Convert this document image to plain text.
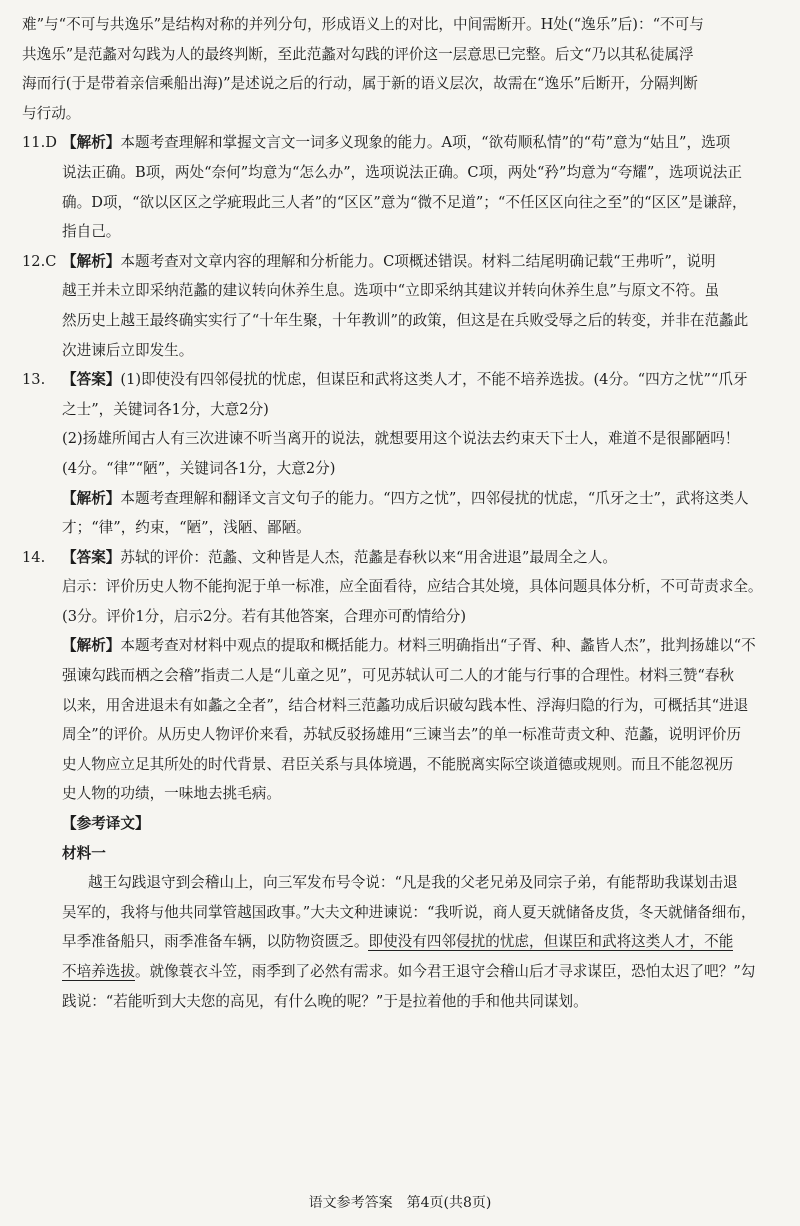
难”与“不可与共逸乐”是结构对称的并列分句，形成语义上的对比，中间需断开。H处(“逸乐”后)：“不可与
共逸乐”是范蠡对勾践为人的最终判断，至此范蠡对勾践的评价这一层意思已完整。后文“乃以其私徒属浮
海而行(于是带着亲信乘船出海)”是述说之后的行动，属于新的语义层次，故需在“逸乐”后断开，分隔判断
与行动。
11.D 【解析】本题考查理解和掌握文言文一词多义现象的能力。A项，“欲苟顺私情”的“苟”意为“姑且”，选项
说法正确。B项，两处“奈何”均意为“怎么办”，选项说法正确。C项，两处“矜”均意为“夸耀”，选项说法正
确。D项，“欲以区区之学疵瑕此三人者”的“区区”意为“微不足道”；“不任区区向往之至”的“区区”是谦辞，
指自己。
12.C 【解析】本题考查对文章内容的理解和分析能力。C项概述错误。材料二结尾明确记载“王弗听”，说明
越王并未立即采纳范蠡的建议转向休养生息。选项中“立即采纳其建议并转向休养生息”与原文不符。虽
然历史上越王最终确实实行了“十年生聚，十年教训”的政策，但这是在兵败受辱之后的转变，并非在范蠡此
次进谏后立即发生。
13. 【答案】(1)即使没有四邻侵扰的忧虑，但谋臣和武将这类人才，不能不培养选拔。(4分。“四方之忧”“爪牙
之士”，关键词各1分，大意2分)
(2)扬雄所闻古人有三次进谏不听当离开的说法，就想要用这个说法去约束天下士人，难道不是很鄙陋吗！
(4分。“律”“陋”，关键词各1分，大意2分)
【解析】本题考查理解和翻译文言文句子的能力。“四方之忧”，四邻侵扰的忧虑，“爪牙之士”，武将这类人
才；“律”，约束，“陋”，浅陋、鄙陋。
14. 【答案】苏轼的评价：范蠡、文种皆是人杰，范蠡是春秋以来“用舍进退”最周全之人。
启示：评价历史人物不能拘泥于单一标准，应全面看待，应结合其处境，具体问题具体分析，不可苛责求全。
(3分。评价1分，启示2分。若有其他答案，合理亦可酌情给分)
【解析】本题考查对材料中观点的提取和概括能力。材料三明确指出“子胥、种、蠡皆人杰”，批判扬雄以“不
强谏勾践而栖之会稽”指责二人是“儿童之见”，可见苏轼认可二人的才能与行事的合理性。材料三赞“春秋
以来，用舍进退未有如蠡之全者”，结合材料三范蠡功成后识破勾践本性、浮海归隐的行为，可概括其“进退
周全”的评价。从历史人物评价来看，苏轼反驳扬雄用“三谏当去”的单一标准苛责文种、范蠡，说明评价历
史人物应立足其所处的时代背景、君臣关系与具体境遇，不能脱离实际空谈道德或规则。而且不能忽视历
史人物的功绩，一味地去挑毛病。
【参考译文】
材料一
越王勾践退守到会稽山上，向三军发布号令说：“凡是我的父老兄弟及同宗子弟，有能帮助我谋划击退
吴军的，我将与他共同掌管越国政事。”大夫文种进谏说：“我听说，商人夏天就储备皮货，冬天就储备细布，
早季准备船只，雨季准备车辆，以防物资匮乏。即使没有四邻侵扰的忧虑，但谋臣和武将这类人才，不能
不培养选拔。就像蓑衣斗笠，雨季到了必然有需求。如今君王退守会稽山后才寻求谋臣，恐怕太迟了吧？”勾
践说：“若能听到大夫您的高见，有什么晚的呢？”于是拉着他的手和他共同谋划。
语文参考答案　第4页(共8页)
